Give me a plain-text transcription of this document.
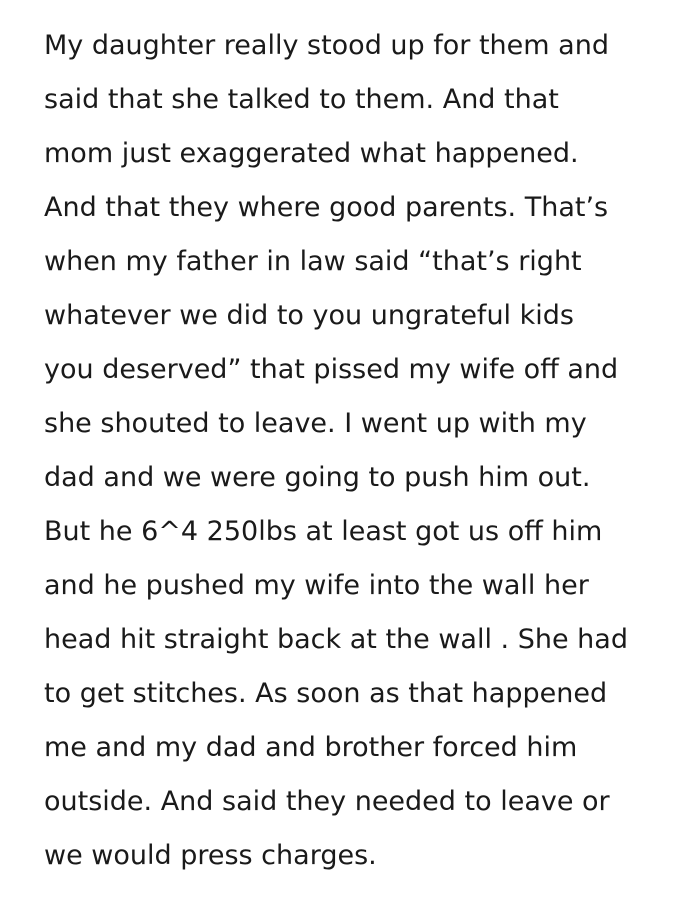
My daughter really stood up for them and
said that she talked to them. And that
mom just exaggerated what happened.
And that they where good parents. That’s
when my father in law said “that’s right
whatever we did to you ungrateful kids
you deserved” that pissed my wife off and
she shouted to leave. I went up with my
dad and we were going to push him out.
But he 6^4 250lbs at least got us off him
and he pushed my wife into the wall her
head hit straight back at the wall . She had
to get stitches. As soon as that happened
me and my dad and brother forced him
outside. And said they needed to leave or
we would press charges.
